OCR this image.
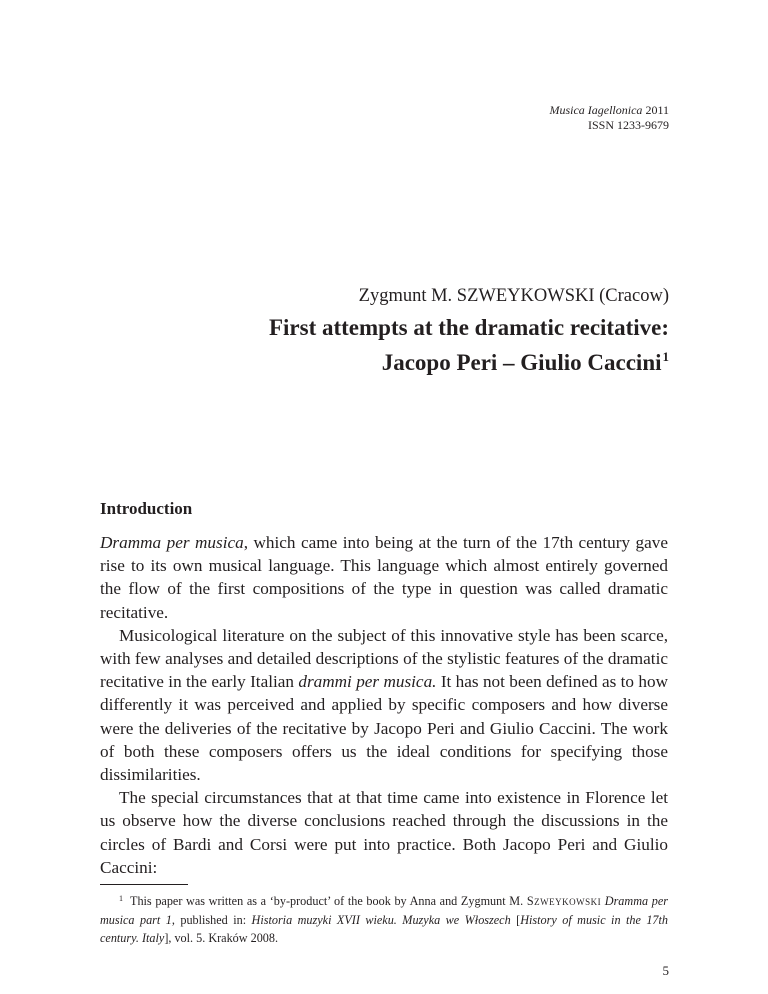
Musica Iagellonica 2011
ISSN 1233-9679
Zygmunt M. SZWEYKOWSKI (Cracow)
First attempts at the dramatic recitative:
Jacopo Peri – Giulio Caccini$^1$
Introduction

Dramma per musica, which came into being at the turn of the 17th century gave rise to its own musical language. This language which almost entirely governed the flow of the first compositions of the type in question was called dramatic recitative.

Musicological literature on the subject of this innovative style has been scarce, with few analyses and detailed descriptions of the stylistic features of the dramatic recitative in the early Italian drammi per musica. It has not been defined as to how differently it was perceived and applied by specific composers and how diverse were the deliveries of the recitative by Jacopo Peri and Giulio Caccini. The work of both these composers offers us the ideal conditions for specifying those dissimilarities.

The special circumstances that at that time came into existence in Florence let us observe how the diverse conclusions reached through the discussions in the circles of Bardi and Corsi were put into practice. Both Jacopo Peri and Giulio Caccini:

$^1$ This paper was written as a ‘by-product’ of the book by Anna and Zygmunt M. Szweykowski Dramma per musica part 1, published in: Historia muzyki XVII wieku. Muzyka we Włoszech [History of music in the 17th century. Italy], vol. 5. Kraków 2008.
5
